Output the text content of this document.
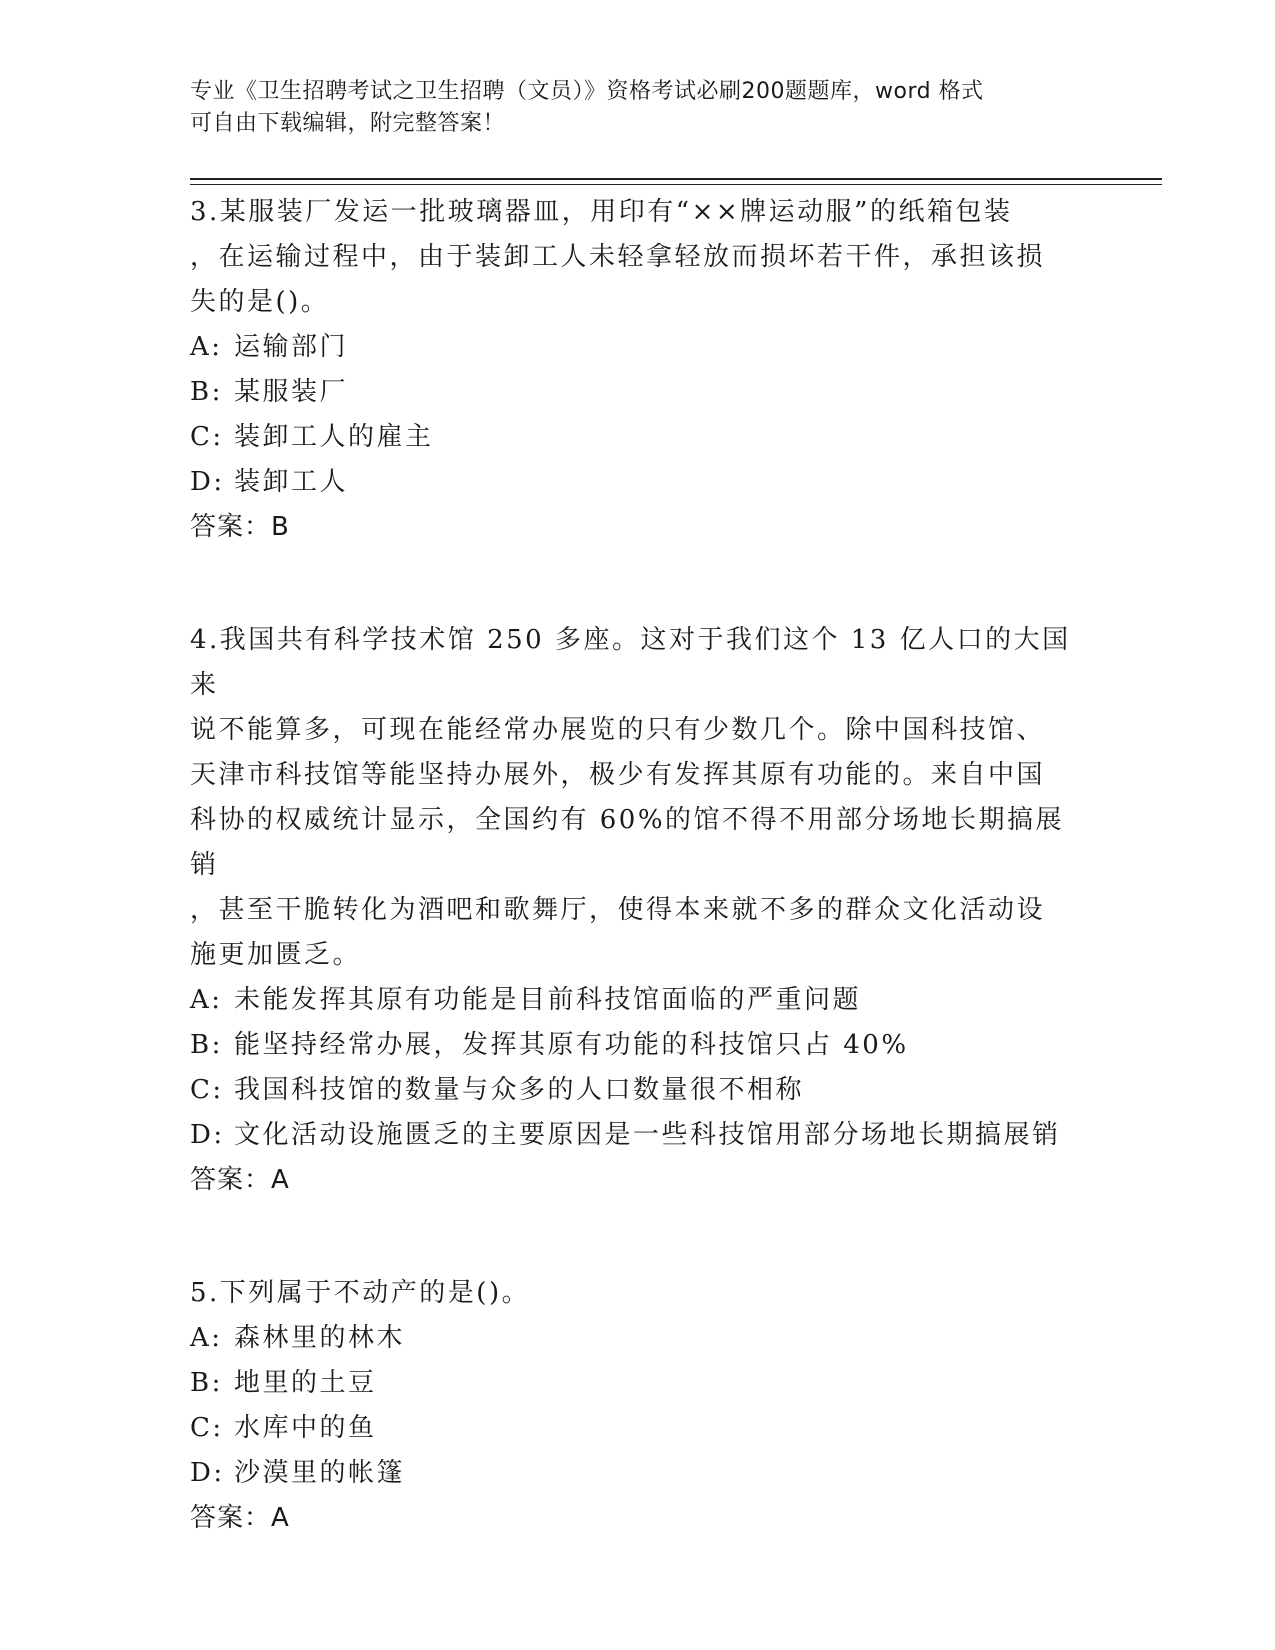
专业《卫生招聘考试之卫生招聘（文员）》资格考试必刷200题题库，word 格式
可自由下载编辑，附完整答案！

3.某服装厂发运一批玻璃器皿，用印有“××牌运动服”的纸箱包装

，在运输过程中，由于装卸工人未轻拿轻放而损坏若干件，承担该损

失的是()。

A: 运输部门

B: 某服装厂

C: 装卸工人的雇主

D: 装卸工人

答案：B

4.我国共有科学技术馆 250 多座。这对于我们这个 13 亿人口的大国来

说不能算多，可现在能经常办展览的只有少数几个。除中国科技馆、

天津市科技馆等能坚持办展外，极少有发挥其原有功能的。来自中国

科协的权威统计显示，全国约有 60%的馆不得不用部分场地长期搞展销

，甚至干脆转化为酒吧和歌舞厅，使得本来就不多的群众文化活动设

施更加匮乏。

A: 未能发挥其原有功能是目前科技馆面临的严重问题

B: 能坚持经常办展，发挥其原有功能的科技馆只占 40%

C: 我国科技馆的数量与众多的人口数量很不相称

D: 文化活动设施匮乏的主要原因是一些科技馆用部分场地长期搞展销

答案：A

5.下列属于不动产的是()。

A: 森林里的林木

B: 地里的土豆

C: 水库中的鱼

D: 沙漠里的帐篷

答案：A
